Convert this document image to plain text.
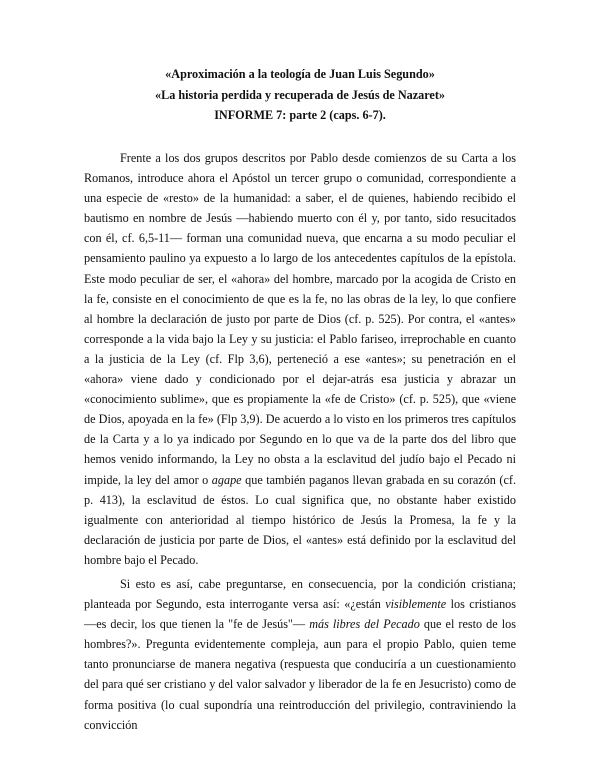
«Aproximación a la teología de Juan Luis Segundo»
«La historia perdida y recuperada de Jesús de Nazaret»
INFORME 7: parte 2 (caps. 6-7).

Frente a los dos grupos descritos por Pablo desde comienzos de su Carta a los Romanos, introduce ahora el Apóstol un tercer grupo o comunidad, correspondiente a una especie de «resto» de la humanidad: a saber, el de quienes, habiendo recibido el bautismo en nombre de Jesús —habiendo muerto con él y, por tanto, sido resucitados con él, cf. 6,5-11— forman una comunidad nueva, que encarna a su modo peculiar el pensamiento paulino ya expuesto a lo largo de los antecedentes capítulos de la epístola. Este modo peculiar de ser, el «ahora» del hombre, marcado por la acogida de Cristo en la fe, consiste en el conocimiento de que es la fe, no las obras de la ley, lo que confiere al hombre la declaración de justo por parte de Dios (cf. p. 525). Por contra, el «antes» corresponde a la vida bajo la Ley y su justicia: el Pablo fariseo, irreprochable en cuanto a la justicia de la Ley (cf. Flp 3,6), perteneció a ese «antes»; su penetración en el «ahora» viene dado y condicionado por el dejar-atrás esa justicia y abrazar un «conocimiento sublime», que es propiamente la «fe de Cristo» (cf. p. 525), que «viene de Dios, apoyada en la fe» (Flp 3,9). De acuerdo a lo visto en los primeros tres capítulos de la Carta y a lo ya indicado por Segundo en lo que va de la parte dos del libro que hemos venido informando, la Ley no obsta a la esclavitud del judío bajo el Pecado ni impide, la ley del amor o agape que también paganos llevan grabada en su corazón (cf. p. 413), la esclavitud de éstos. Lo cual significa que, no obstante haber existido igualmente con anterioridad al tiempo histórico de Jesús la Promesa, la fe y la declaración de justicia por parte de Dios, el «antes» está definido por la esclavitud del hombre bajo el Pecado.

Si esto es así, cabe preguntarse, en consecuencia, por la condición cristiana; planteada por Segundo, esta interrogante versa así: «¿están visiblemente los cristianos —es decir, los que tienen la "fe de Jesús"— más libres del Pecado que el resto de los hombres?». Pregunta evidentemente compleja, aun para el propio Pablo, quien teme tanto pronunciarse de manera negativa (respuesta que conduciría a un cuestionamiento del para qué ser cristiano y del valor salvador y liberador de la fe en Jesucristo) como de forma positiva (lo cual supondría una reintroducción del privilegio, contraviniendo la convicción
